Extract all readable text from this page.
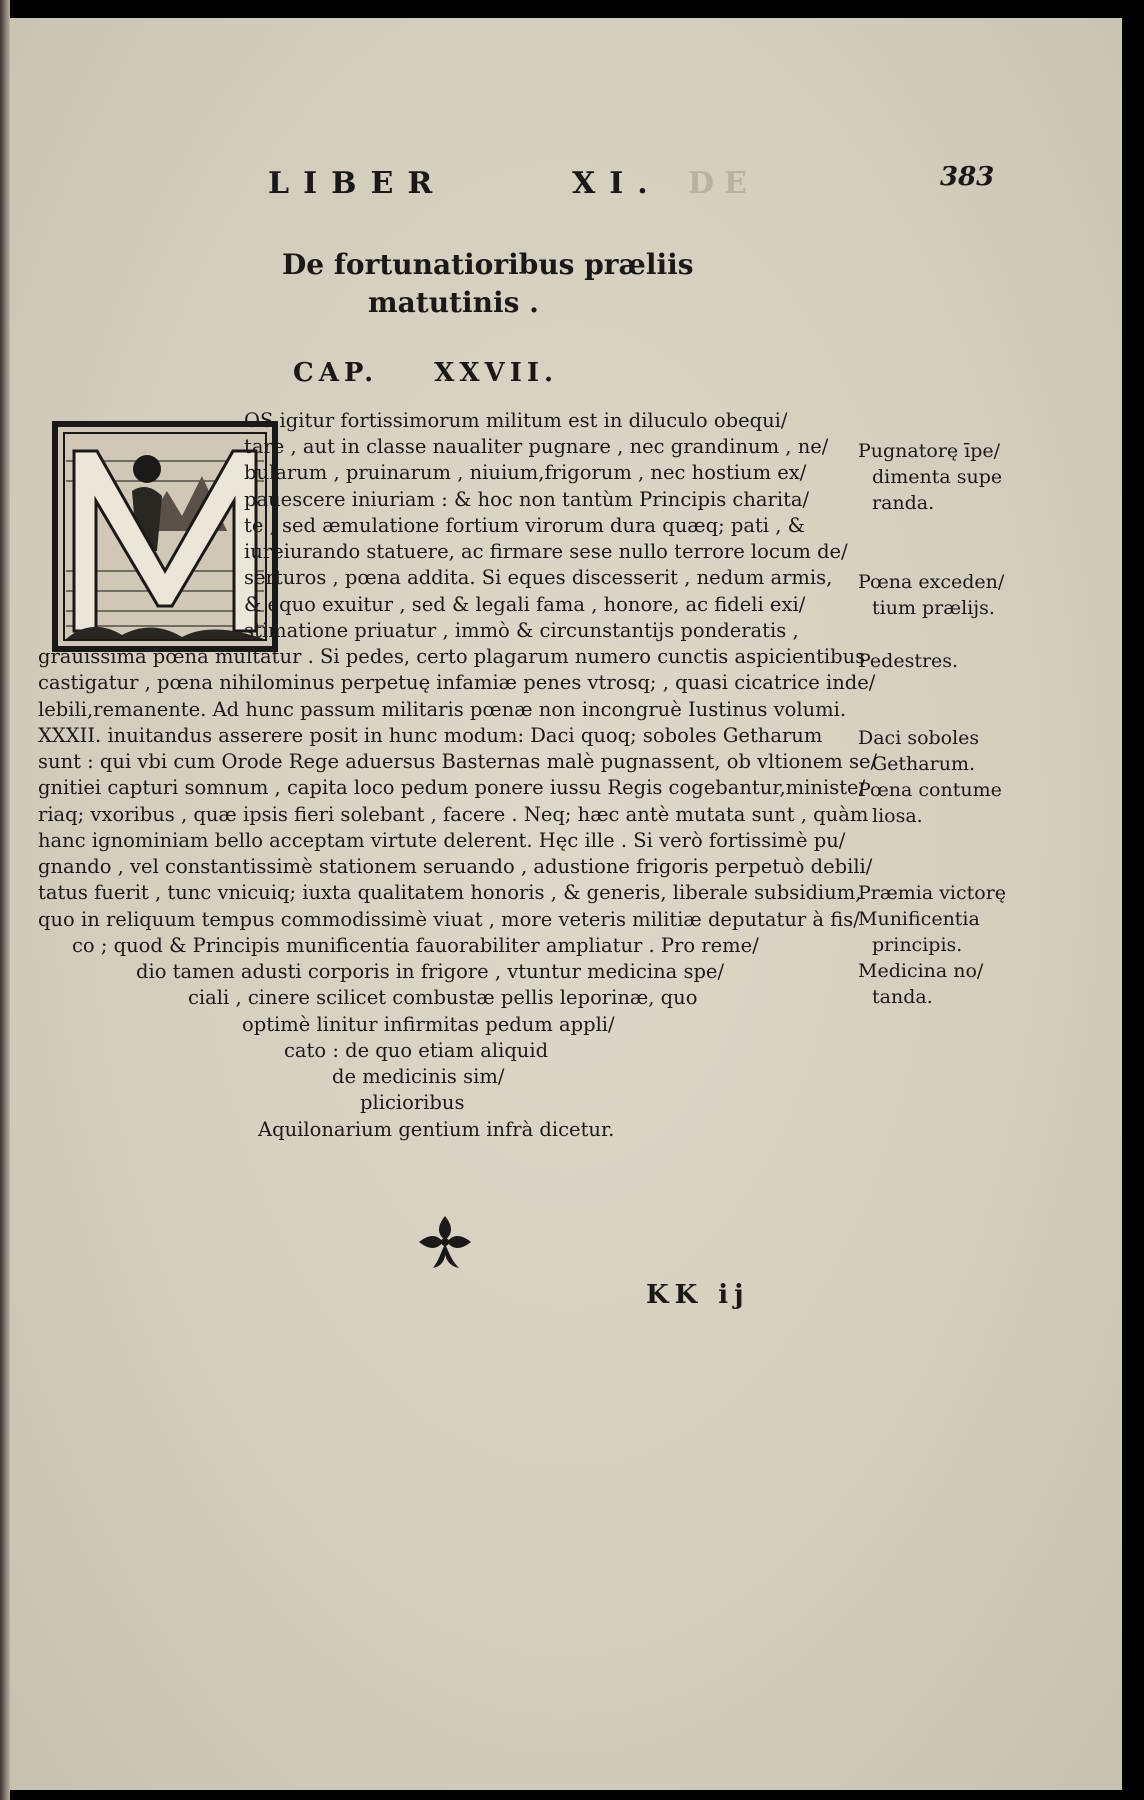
LIBER	XI. DE	383
De fortunatioribus præliis
matutinis .
CAP. XXVII.
OS igitur fortissimorum militum est in diluculo obequi/
tare , aut in classe naualiter pugnare , nec grandinum , ne/
bularum , pruinarum , niuium,frigorum , nec hostium ex/
pauescere iniuriam : & hoc non tantùm Principis charita/
te , sed æmulatione fortium virorum dura quæq; pati , &
iureiurando statuere, ac firmare sese nullo terrore locum de/
serturos , pœna addita. Si eques discesserit , nedum armis,
& equo exuitur , sed & legali fama , honore, ac fideli exi/
stimatione priuatur , immò & circunstantijs ponderatis ,
grauissima pœna multatur . Si pedes, certo plagarum numero cunctis aspicientibus
castigatur , pœna nihilominus perpetuę infamiæ penes vtrosq; , quasi cicatrice inde/
lebili,remanente. Ad hunc passum militaris pœnæ non incongruè Iustinus volumi.
XXXII. inuitandus asserere posit in hunc modum: Daci quoq; soboles Getharum
sunt : qui vbi cum Orode Rege aduersus Basternas malè pugnassent, ob vltionem se/
gnitiei capturi somnum , capita loco pedum ponere iussu Regis cogebantur,ministe/
riaq; vxoribus , quæ ipsis fieri solebant , facere . Neq; hæc antè mutata sunt , quàm
hanc ignominiam bello acceptam virtute delerent. Hęc ille . Si verò fortissimè pu/
gnando , vel constantissimè stationem seruando , adustione frigoris perpetuò debili/
tatus fuerit , tunc vnicuiq; iuxta qualitatem honoris , & generis, liberale subsidium,
quo in reliquum tempus commodissimè viuat , more veteris militiæ deputatur à fis/
co ; quod & Principis munificentia fauorabiliter ampliatur . Pro reme/
dio tamen adusti corporis in frigore , vtuntur medicina spe/
ciali , cinere scilicet combustæ pellis leporinæ, quo
optimè linitur infirmitas pedum appli/
cato : de quo etiam aliquid
de medicinis sim/
plicioribus
Aquilonarium gentium infrà dicetur.
Pugnatorę īpe/
dimenta supe
randa.
Pœna exceden/
tium prælijs.
Pedestres.
Daci soboles
Getharum.
Pœna contume
liosa.
Præmia victorę
Munificentia
principis.
Medicina no/
tanda.
KK ij
